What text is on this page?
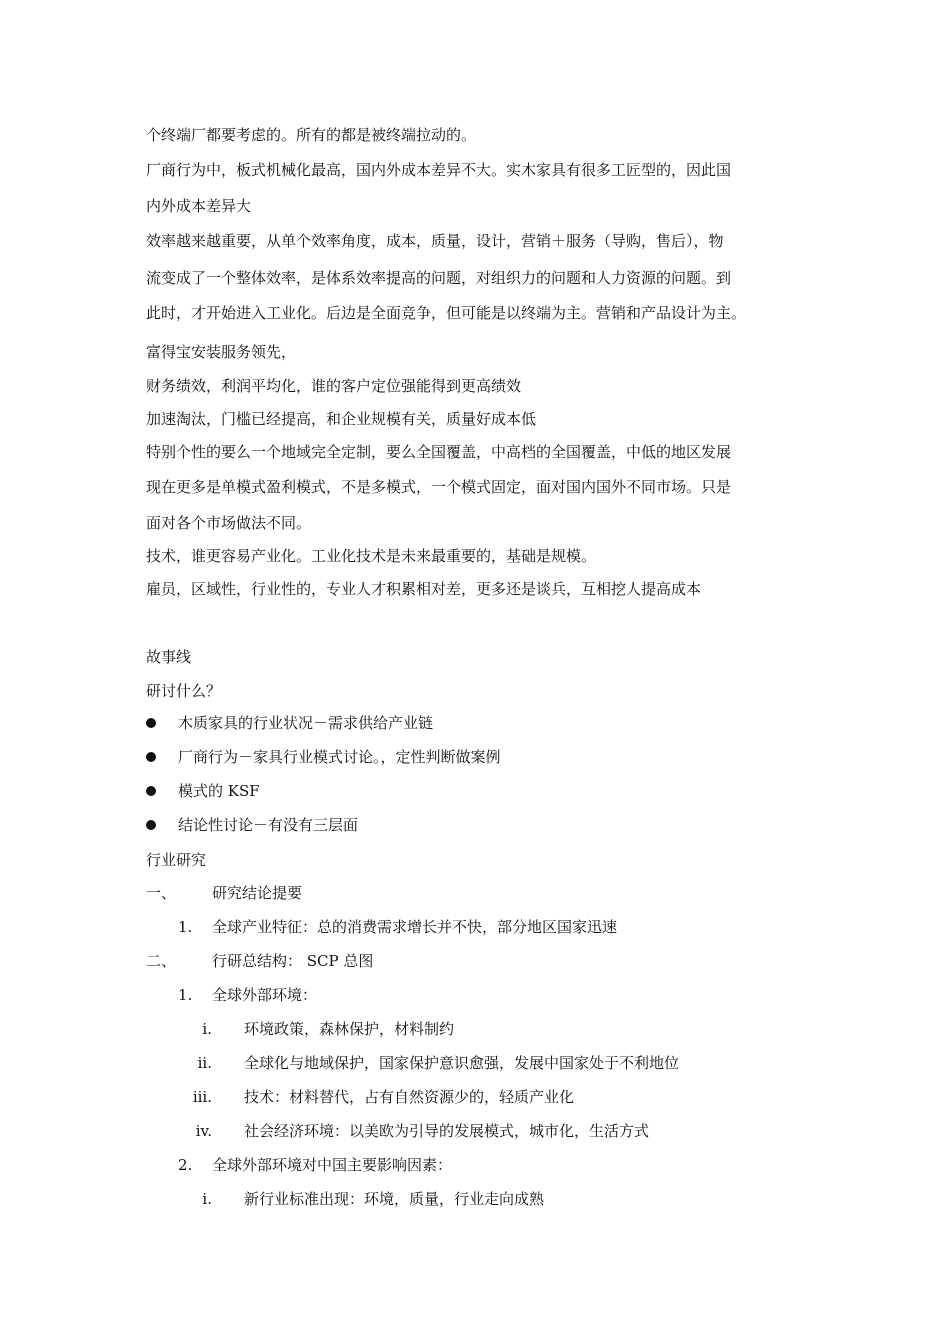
个终端厂都要考虑的。所有的都是被终端拉动的。
厂商行为中，板式机械化最高，国内外成本差异不大。实木家具有很多工匠型的，因此国
内外成本差异大
效率越来越重要，从单个效率角度，成本，质量，设计，营销＋服务（导购，售后），物
流变成了一个整体效率，是体系效率提高的问题，对组织力的问题和人力资源的问题。到
此时，才开始进入工业化。后边是全面竞争，但可能是以终端为主。营销和产品设计为主。
富得宝安装服务领先，
财务绩效，利润平均化，谁的客户定位强能得到更高绩效
加速淘汰，门槛已经提高，和企业规模有关，质量好成本低
特别个性的要么一个地域完全定制，要么全国覆盖，中高档的全国覆盖，中低的地区发展
现在更多是单模式盈利模式，不是多模式，一个模式固定，面对国内国外不同市场。只是
面对各个市场做法不同。
技术，谁更容易产业化。工业化技术是未来最重要的，基础是规模。
雇员，区域性，行业性的，专业人才积累相对差，更多还是谈兵，互相挖人提高成本
故事线
研讨什么？
木质家具的行业状况－需求供给产业链
厂商行为－家具行业模式讨论。，定性判断做案例
模式的 KSF
结论性讨论－有没有三层面
行业研究
一、 研究结论提要
1. 全球产业特征：总的消费需求增长并不快，部分地区国家迅速
二、 行研总结构： SCP 总图
1. 全球外部环境：
i. 环境政策，森林保护，材料制约
ii. 全球化与地域保护，国家保护意识愈强，发展中国家处于不利地位
iii. 技术：材料替代，占有自然资源少的，轻质产业化
iv. 社会经济环境：以美欧为引导的发展模式，城市化，生活方式
2. 全球外部环境对中国主要影响因素：
i. 新行业标准出现：环境，质量，行业走向成熟
